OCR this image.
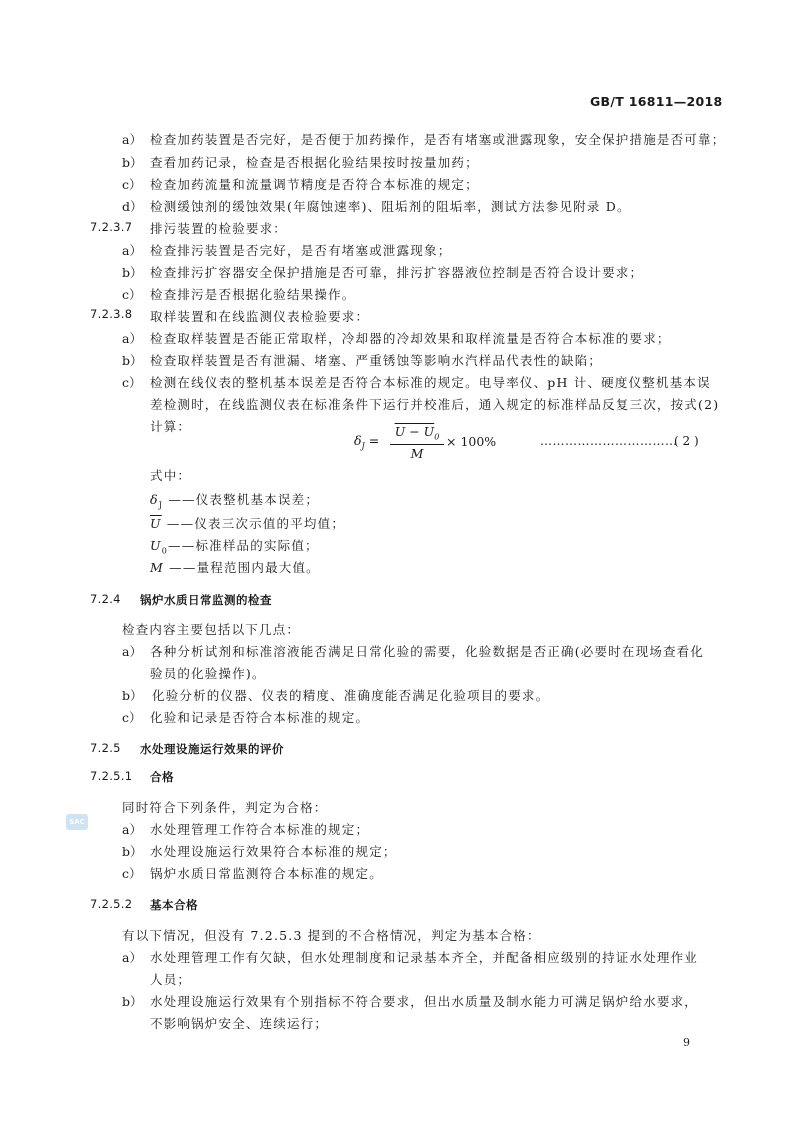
GB/T 16811—2018
a） 检查加药装置是否完好，是否便于加药操作，是否有堵塞或泄露现象，安全保护措施是否可靠；
b） 查看加药记录，检查是否根据化验结果按时按量加药；
c） 检查加药流量和流量调节精度是否符合本标准的规定；
d） 检测缓蚀剂的缓蚀效果(年腐蚀速率)、阻垢剂的阻垢率，测试方法参见附录 D。
7.2.3.7 排污装置的检验要求：
a） 检查排污装置是否完好，是否有堵塞或泄露现象；
b） 检查排污扩容器安全保护措施是否可靠，排污扩容器液位控制是否符合设计要求；
c） 检查排污是否根据化验结果操作。
7.2.3.8 取样装置和在线监测仪表检验要求：
a） 检查取样装置是否能正常取样，冷却器的冷却效果和取样流量是否符合本标准的要求；
b） 检查取样装置是否有泄漏、堵塞、严重锈蚀等影响水汽样品代表性的缺陷；
c） 检测在线仪表的整机基本误差是否符合本标准的规定。电导率仪、pH 计、硬度仪整机基本误
差检测时，在线监测仪表在标准条件下运行并校准后，通入规定的标准样品反复三次，按式(2)
计算：
$\delta_J$ =
$U - U_0$
M
× 100%	……………………………
( 2 )
式中：
$\delta_J$ ——仪表整机基本误差；
$\overline{U}$ ——仪表三次示值的平均值；
$U_0——$标准样品的实际值；
M ——量程范围内最大值。
7.2.4 锅炉水质日常监测的检查
检查内容主要包括以下几点：
a） 各种分析试剂和标准溶液能否满足日常化验的需要，化验数据是否正确(必要时在现场查看化
验员的化验操作)。
b） 化验分析的仪器、仪表的精度、准确度能否满足化验项目的要求。
c） 化验和记录是否符合本标准的规定。
7.2.5 水处理设施运行效果的评价
7.2.5.1 合格
同时符合下列条件，判定为合格：
SAC	a） 水处理管理工作符合本标准的规定；
b） 水处理设施运行效果符合本标准的规定；
c） 锅炉水质日常监测符合本标准的规定。
7.2.5.2 基本合格
有以下情况，但没有 7.2.5.3 提到的不合格情况，判定为基本合格：
a） 水处理管理工作有欠缺，但水处理制度和记录基本齐全，并配备相应级别的持证水处理作业
人员；
b） 水处理设施运行效果有个别指标不符合要求，但出水质量及制水能力可满足锅炉给水要求，
不影响锅炉安全、连续运行；
9
